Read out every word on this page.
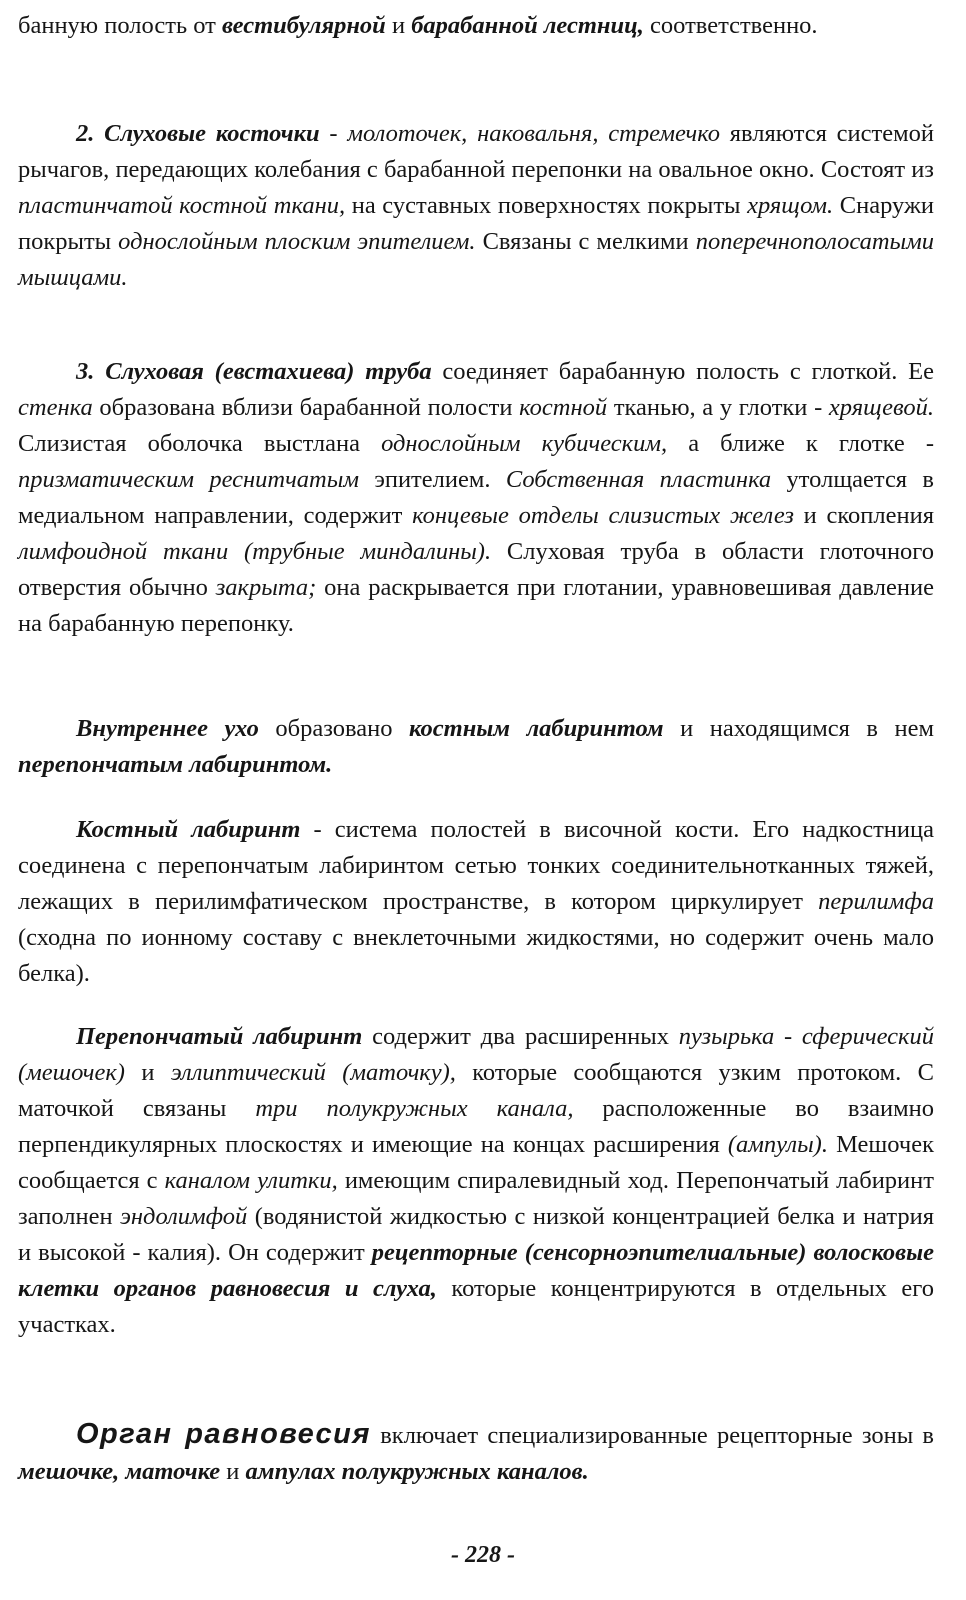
банную полость от вестибулярной и барабанной лестниц, соответственно.

2. Слуховые косточки - молоточек, наковальня, стремечко являются системой рычагов, передающих колебания с барабанной перепонки на овальное окно. Состоят из пластинчатой костной ткани, на суставных поверхностях покрыты хрящом. Снаружи покрыты однослойным плоским эпителием. Связаны с мелкими поперечнополосатыми мышцами.

3. Слуховая (евстахиева) труба соединяет барабанную полость с глоткой. Ее стенка образована вблизи барабанной полости костной тканью, а у глотки - хрящевой. Слизистая оболочка выстлана однослойным кубическим, а ближе к глотке - призматическим реснитчатым эпителием. Собственная пластинка утолщается в медиальном направлении, содержит концевые отделы слизистых желез и скопления лимфоидной ткани (трубные миндалины). Слуховая труба в области глоточного отверстия обычно закрыта; она раскрывается при глотании, уравновешивая давление на барабанную перепонку.

Внутреннее ухо образовано костным лабиринтом и находящимся в нем перепончатым лабиринтом.

Костный лабиринт - система полостей в височной кости. Его надкостница соединена с перепончатым лабиринтом сетью тонких соединительнотканных тяжей, лежащих в перилимфатическом пространстве, в котором циркулирует перилимфа (сходна по ионному составу с внеклеточными жидкостями, но содержит очень мало белка).

Перепончатый лабиринт содержит два расширенных пузырька - сферический (мешочек) и эллиптический (маточку), которые сообщаются узким протоком. С маточкой связаны три полукружных канала, расположенные во взаимно перпендикулярных плоскостях и имеющие на концах расширения (ампулы). Мешочек сообщается с каналом улитки, имеющим спиралевидный ход. Перепончатый лабиринт заполнен эндолимфой (водянистой жидкостью с низкой концентрацией белка и натрия и высокой - калия). Он содержит рецепторные (сенсорноэпителиальные) волосковые клетки органов равновесия и слуха, которые концентрируются в отдельных его участках.

Орган равновесия включает специализированные рецепторные зоны в мешочке, маточке и ампулах полукружных каналов.

- 228 -
